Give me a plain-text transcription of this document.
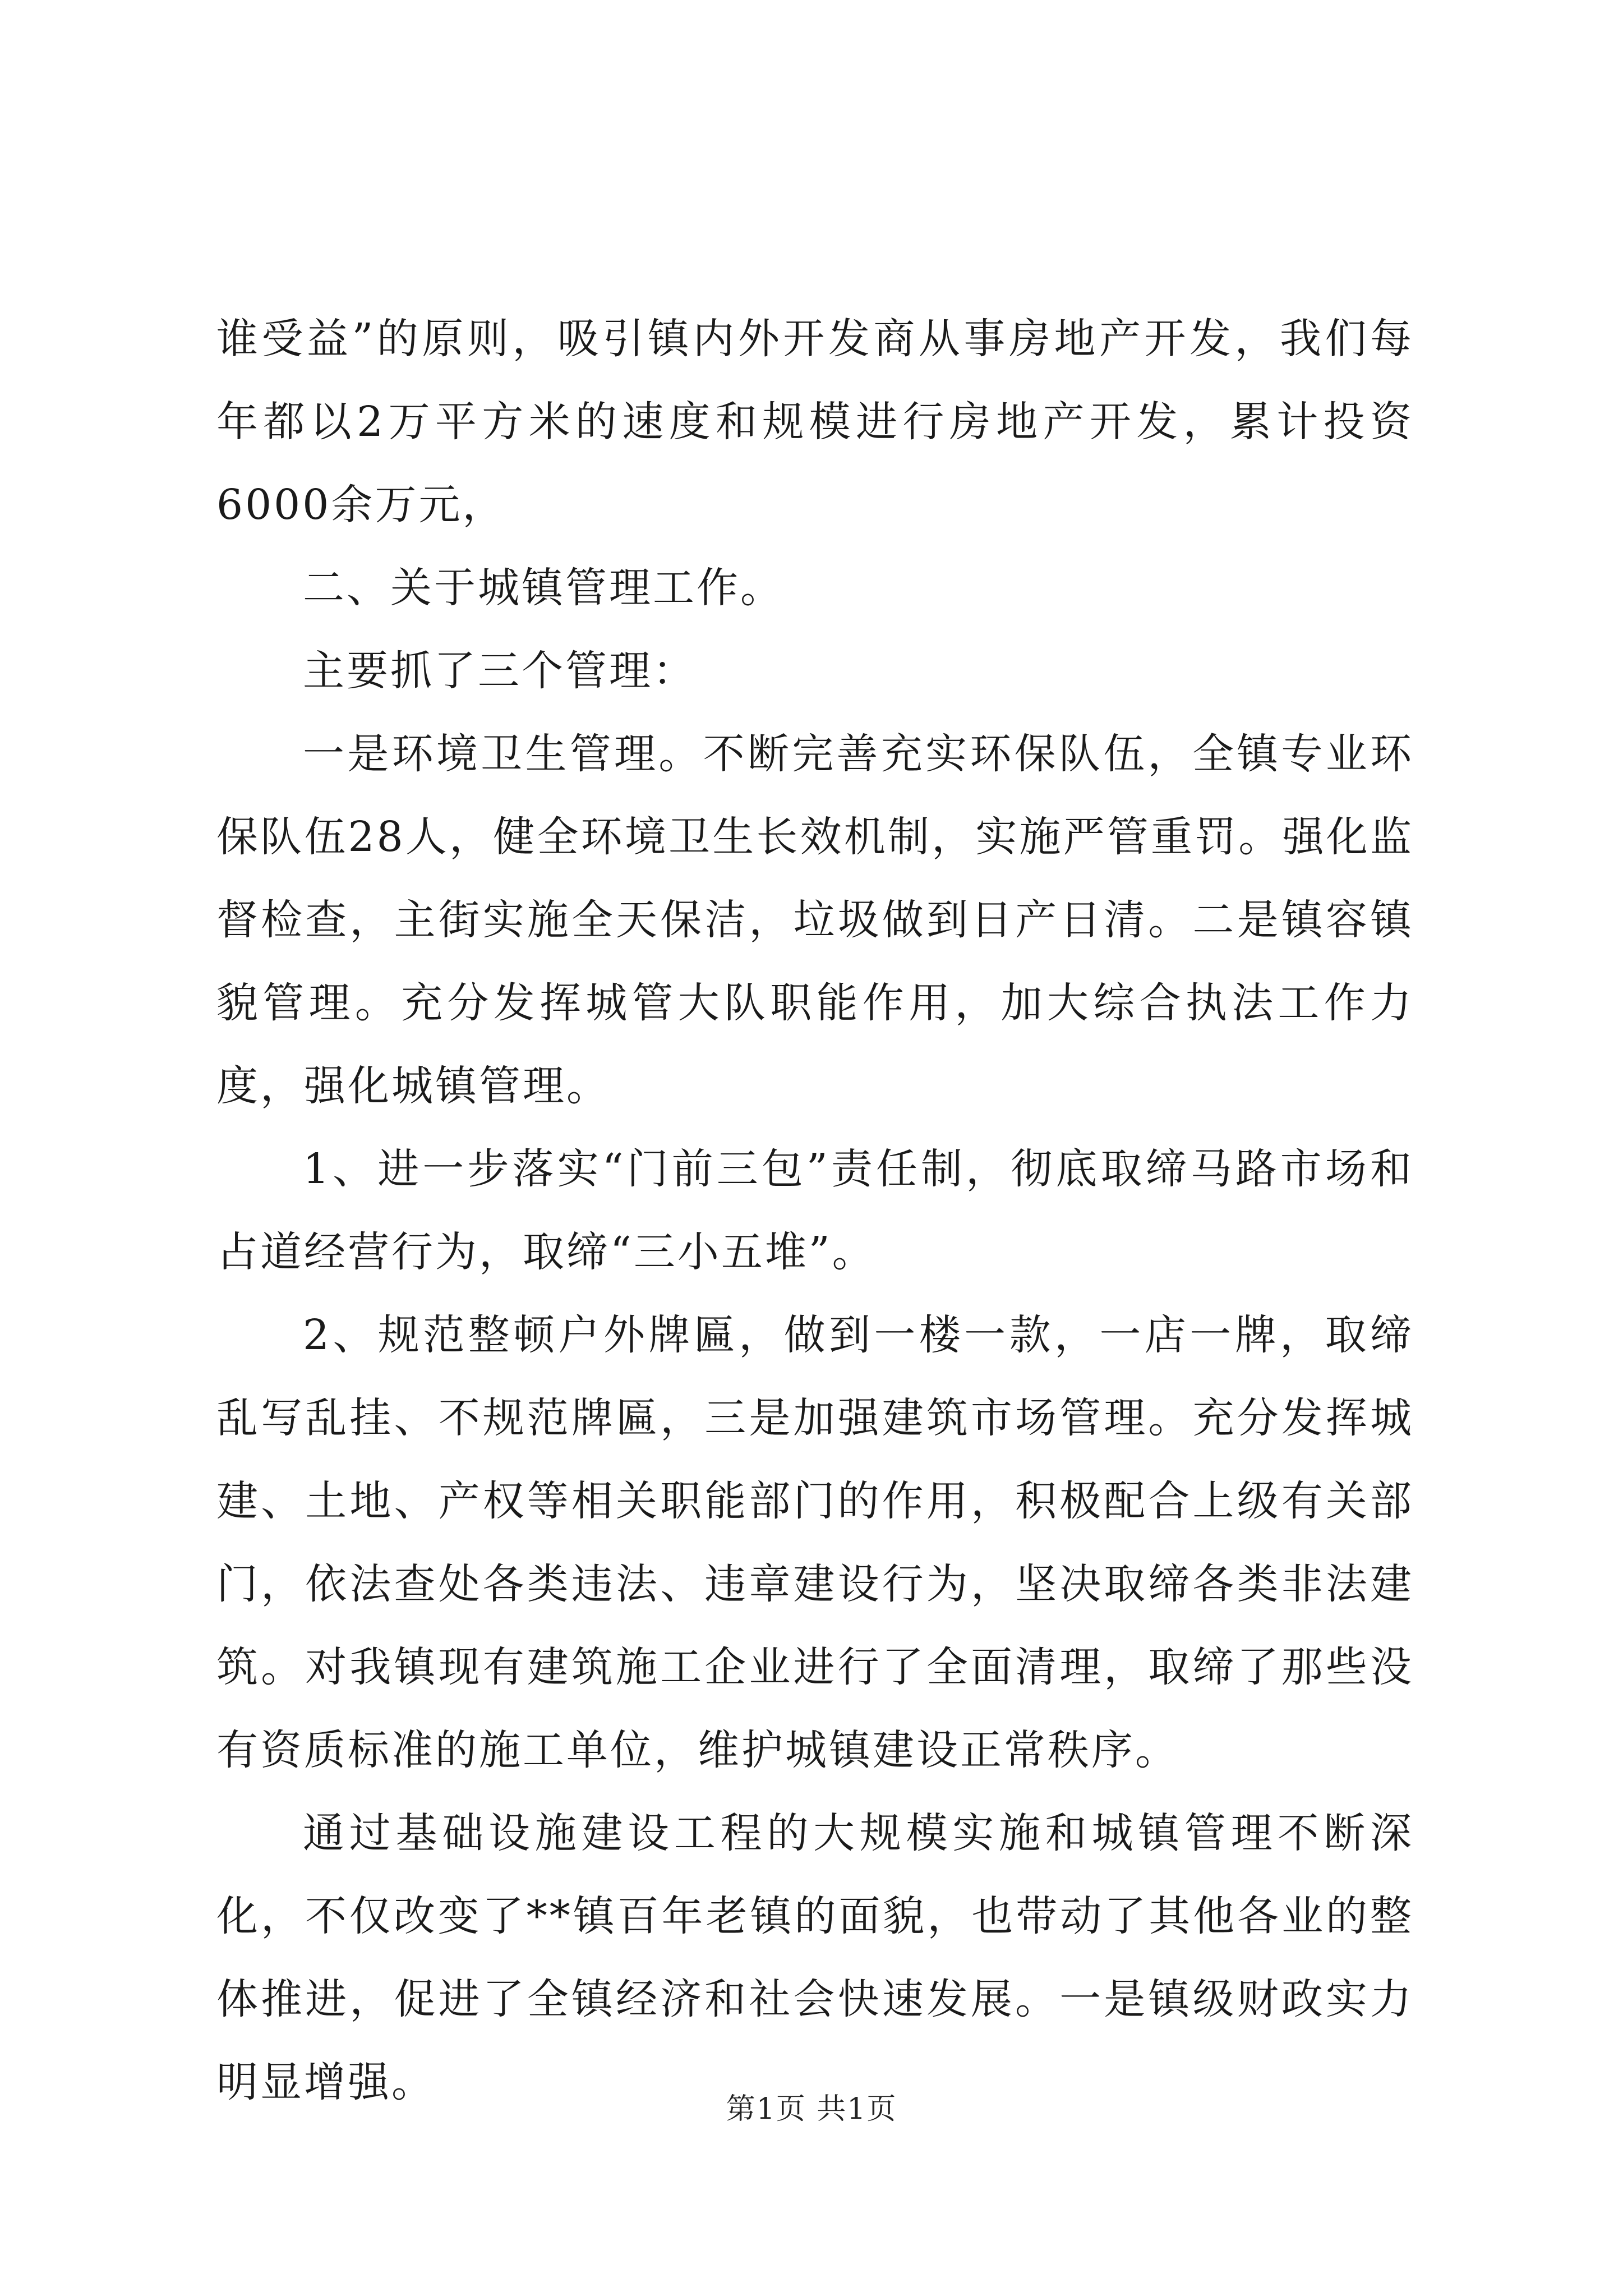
谁受益”的原则，吸引镇内外开发商从事房地产开发，我们每年都以2万平方米的速度和规模进行房地产开发，累计投资6000余万元，

二、关于城镇管理工作。

主要抓了三个管理：

一是环境卫生管理。不断完善充实环保队伍，全镇专业环保队伍28人，健全环境卫生长效机制，实施严管重罚。强化监督检查，主街实施全天保洁，垃圾做到日产日清。二是镇容镇貌管理。充分发挥城管大队职能作用，加大综合执法工作力度，强化城镇管理。

1、进一步落实“门前三包”责任制，彻底取缔马路市场和占道经营行为，取缔“三小五堆”。

2、规范整顿户外牌匾，做到一楼一款，一店一牌，取缔乱写乱挂、不规范牌匾，三是加强建筑市场管理。充分发挥城建、土地、产权等相关职能部门的作用，积极配合上级有关部门，依法查处各类违法、违章建设行为，坚决取缔各类非法建筑。对我镇现有建筑施工企业进行了全面清理，取缔了那些没有资质标准的施工单位，维护城镇建设正常秩序。

通过基础设施建设工程的大规模实施和城镇管理不断深化，不仅改变了**镇百年老镇的面貌，也带动了其他各业的整体推进，促进了全镇经济和社会快速发展。一是镇级财政实力明显增强。

第1页 共1页
